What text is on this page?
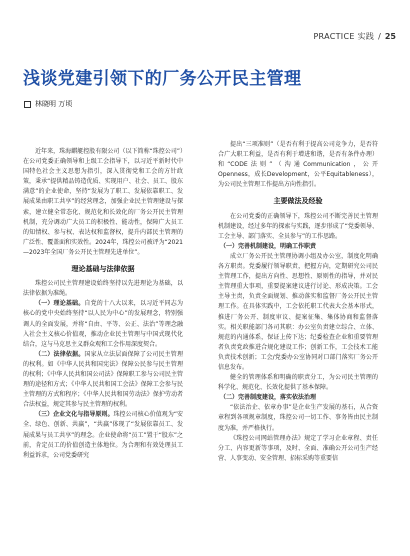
PRACTICE 实践 / 25
浅谈党建引领下的厂务公开民主管理
林晓明 万顷

近年来，珠海麒艇控股有限公司（以下简称“珠控公司”）在公司党委正确领导和上级工会指导下，以习近平新时代中国特色社会主义思想为指引，深入贯彻党和工会的方针政策，秉承“提供精品铸造优质、实现用户、社会、员工、股东满意”的企业使命，坚持“发展为了职工、发展依靠职工、发展成果由职工共享”的经营理念，加强企业民主管理建设与探索，建立健全常态化、规范化和长效化的厂务公开民主管理机制，充分调动广大员工的积极性、能动性，保障广大员工的知情权、参与权、表达权和监督权，提升内部民主管理的广泛性、覆盖面和实效性。2024年，珠控公司被评为“2021—2023年全国厂务公开民主管理先进单位”。

理论基础与法律依据

珠控公司民主管理建设始终坚持以先进理论为基础，以法律依据为准绳。

（一）理论基础。自党的十八大以来，以习近平同志为核心的党中央始终坚持“以人民为中心”的发展理念，特别强调人的全面发展，并将“自由、平等、公正、法治”等理念融入社会主义核心价值观，推动企业民主管理与中国式现代化结合，这与马克思主义群众观和工会作用深度契合。

（二）法律依据。国家从立法层面保障了公司民主管理的权利。如《中华人民共和国宪法》保障公民参与民主管理的权利；《中华人民共和国公司法》保障职工参与公司民主管理的途径和方式；《中华人民共和国工会法》保障工会参与民主管理的方式和程序；《中华人民共和国劳动法》保护劳动者合法权益，规定其参与民主管理的权利。

（三）企业文化与指导原则。珠控公司核心价值观为“安全、绿色、创新、共赢”，“共赢”体现了“发展依靠员工、发展成果与员工共享”的理念。企业使命将“员工”置于“股东”之前，肯定员工的价值创造主体地位。为合理和有效处理员工利益诉求，公司党委研究

提出“三项准则”（是否有利于提高公司竞争力，是否符合广大职工利益，是否有利于增进和谐，是否有条件办理）和“CODE法则”（沟通Communication，公开Openness，成长Development，公平Equitableness），为公司民主管理工作提出方向性指引。

主要做法及经验

在公司党委的正确领导下，珠控公司不断完善民主管理机制建设，经过多年的探索与实践，逐步形成了“党委领导、工会主导、部门落实、全员参与”的工作思路。

（一）完善机制建设，明确工作职责

成立厂务公开民主管理协调小组及办公室，制度化明确各方职责。党委履行领导职责，把握方向，定期研究公司民主管理工作，提出方向性、思想性、原则性的指导，并对民主管理重大事项，重要提案建议进行讨论、形成决策。工会主导主责，负责全面规划、推动落实和监督厂务公开民主管理工作。在具体实践中，工会依托职工代表大会基本形式，推进厂务公开、制度审议、提案征集、集体协商和监督落实。相关职能部门各司其职：办公室负责建立综合、立体、规范的内通体系，保证上传下达；纪委检查企业和重要管理者负责党政推进合规化建设工作；创新工作，工会技术工能负责技术创新；工会/党委办公室协同对口部门落实厂务公开信息发布。

健全的管理体系和明确的职责分工，为公司民主管理的科学化、规范化、长效化提供了基本保障。

（二）完善制度建设，落实依法治理

“依法治企、依章办事”是企业生产发展的基石，从合资章程到各项规章制度，珠控公司一切工作、事务皆由民主制度为准，并严格执行。

《珠控公司网站管理办法》规定了学习企业章程、责任分工、内容更新等事项，及时、全面、准确公开公司生产经营、人事变动、安全管理、招标采购等重要信
